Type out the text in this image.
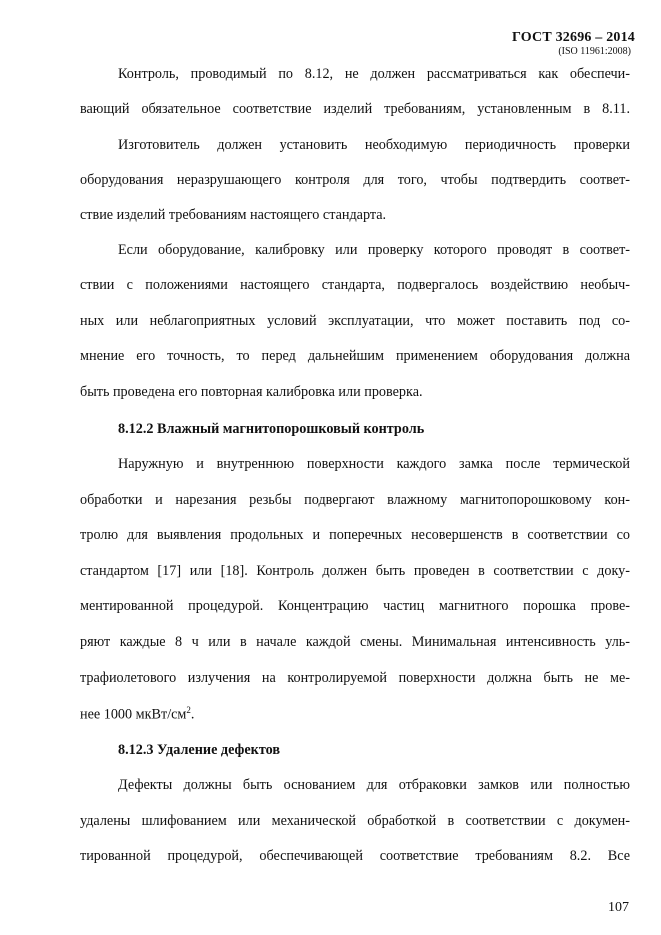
ГОСТ 32696 – 2014
(ISO 11961:2008)
Контроль, проводимый по 8.12, не должен рассматриваться как обеспечи-
вающий обязательное соответствие изделий требованиям, установленным в 8.11.
Изготовитель должен установить необходимую периодичность проверки
оборудования неразрушающего контроля для того, чтобы подтвердить соответ-
ствие изделий требованиям настоящего стандарта.
Если оборудование, калибровку или проверку которого проводят в соответ-
ствии с положениями настоящего стандарта, подвергалось воздействию необыч-
ных или неблагоприятных условий эксплуатации, что может поставить под со-
мнение его точность, то перед дальнейшим применением оборудования должна
быть проведена его повторная калибровка или проверка.
8.12.2 Влажный магнитопорошковый контроль
Наружную и внутреннюю поверхности каждого замка после термической
обработки и нарезания резьбы подвергают влажному магнитопорошковому кон-
тролю для выявления продольных и поперечных несовершенств в соответствии со
стандартом [17] или [18]. Контроль должен быть проведен в соответствии с доку-
ментированной процедурой. Концентрацию частиц магнитного порошка прове-
ряют каждые 8 ч или в начале каждой смены. Минимальная интенсивность уль-
трафиолетового излучения на контролируемой поверхности должна быть не ме-
нее 1000 мкВт/$см^2$.
8.12.3 Удаление дефектов
Дефекты должны быть основанием для отбраковки замков или полностью
удалены шлифованием или механической обработкой в соответствии с докумен-
тированной процедурой, обеспечивающей соответствие требованиям 8.2. Все
107
